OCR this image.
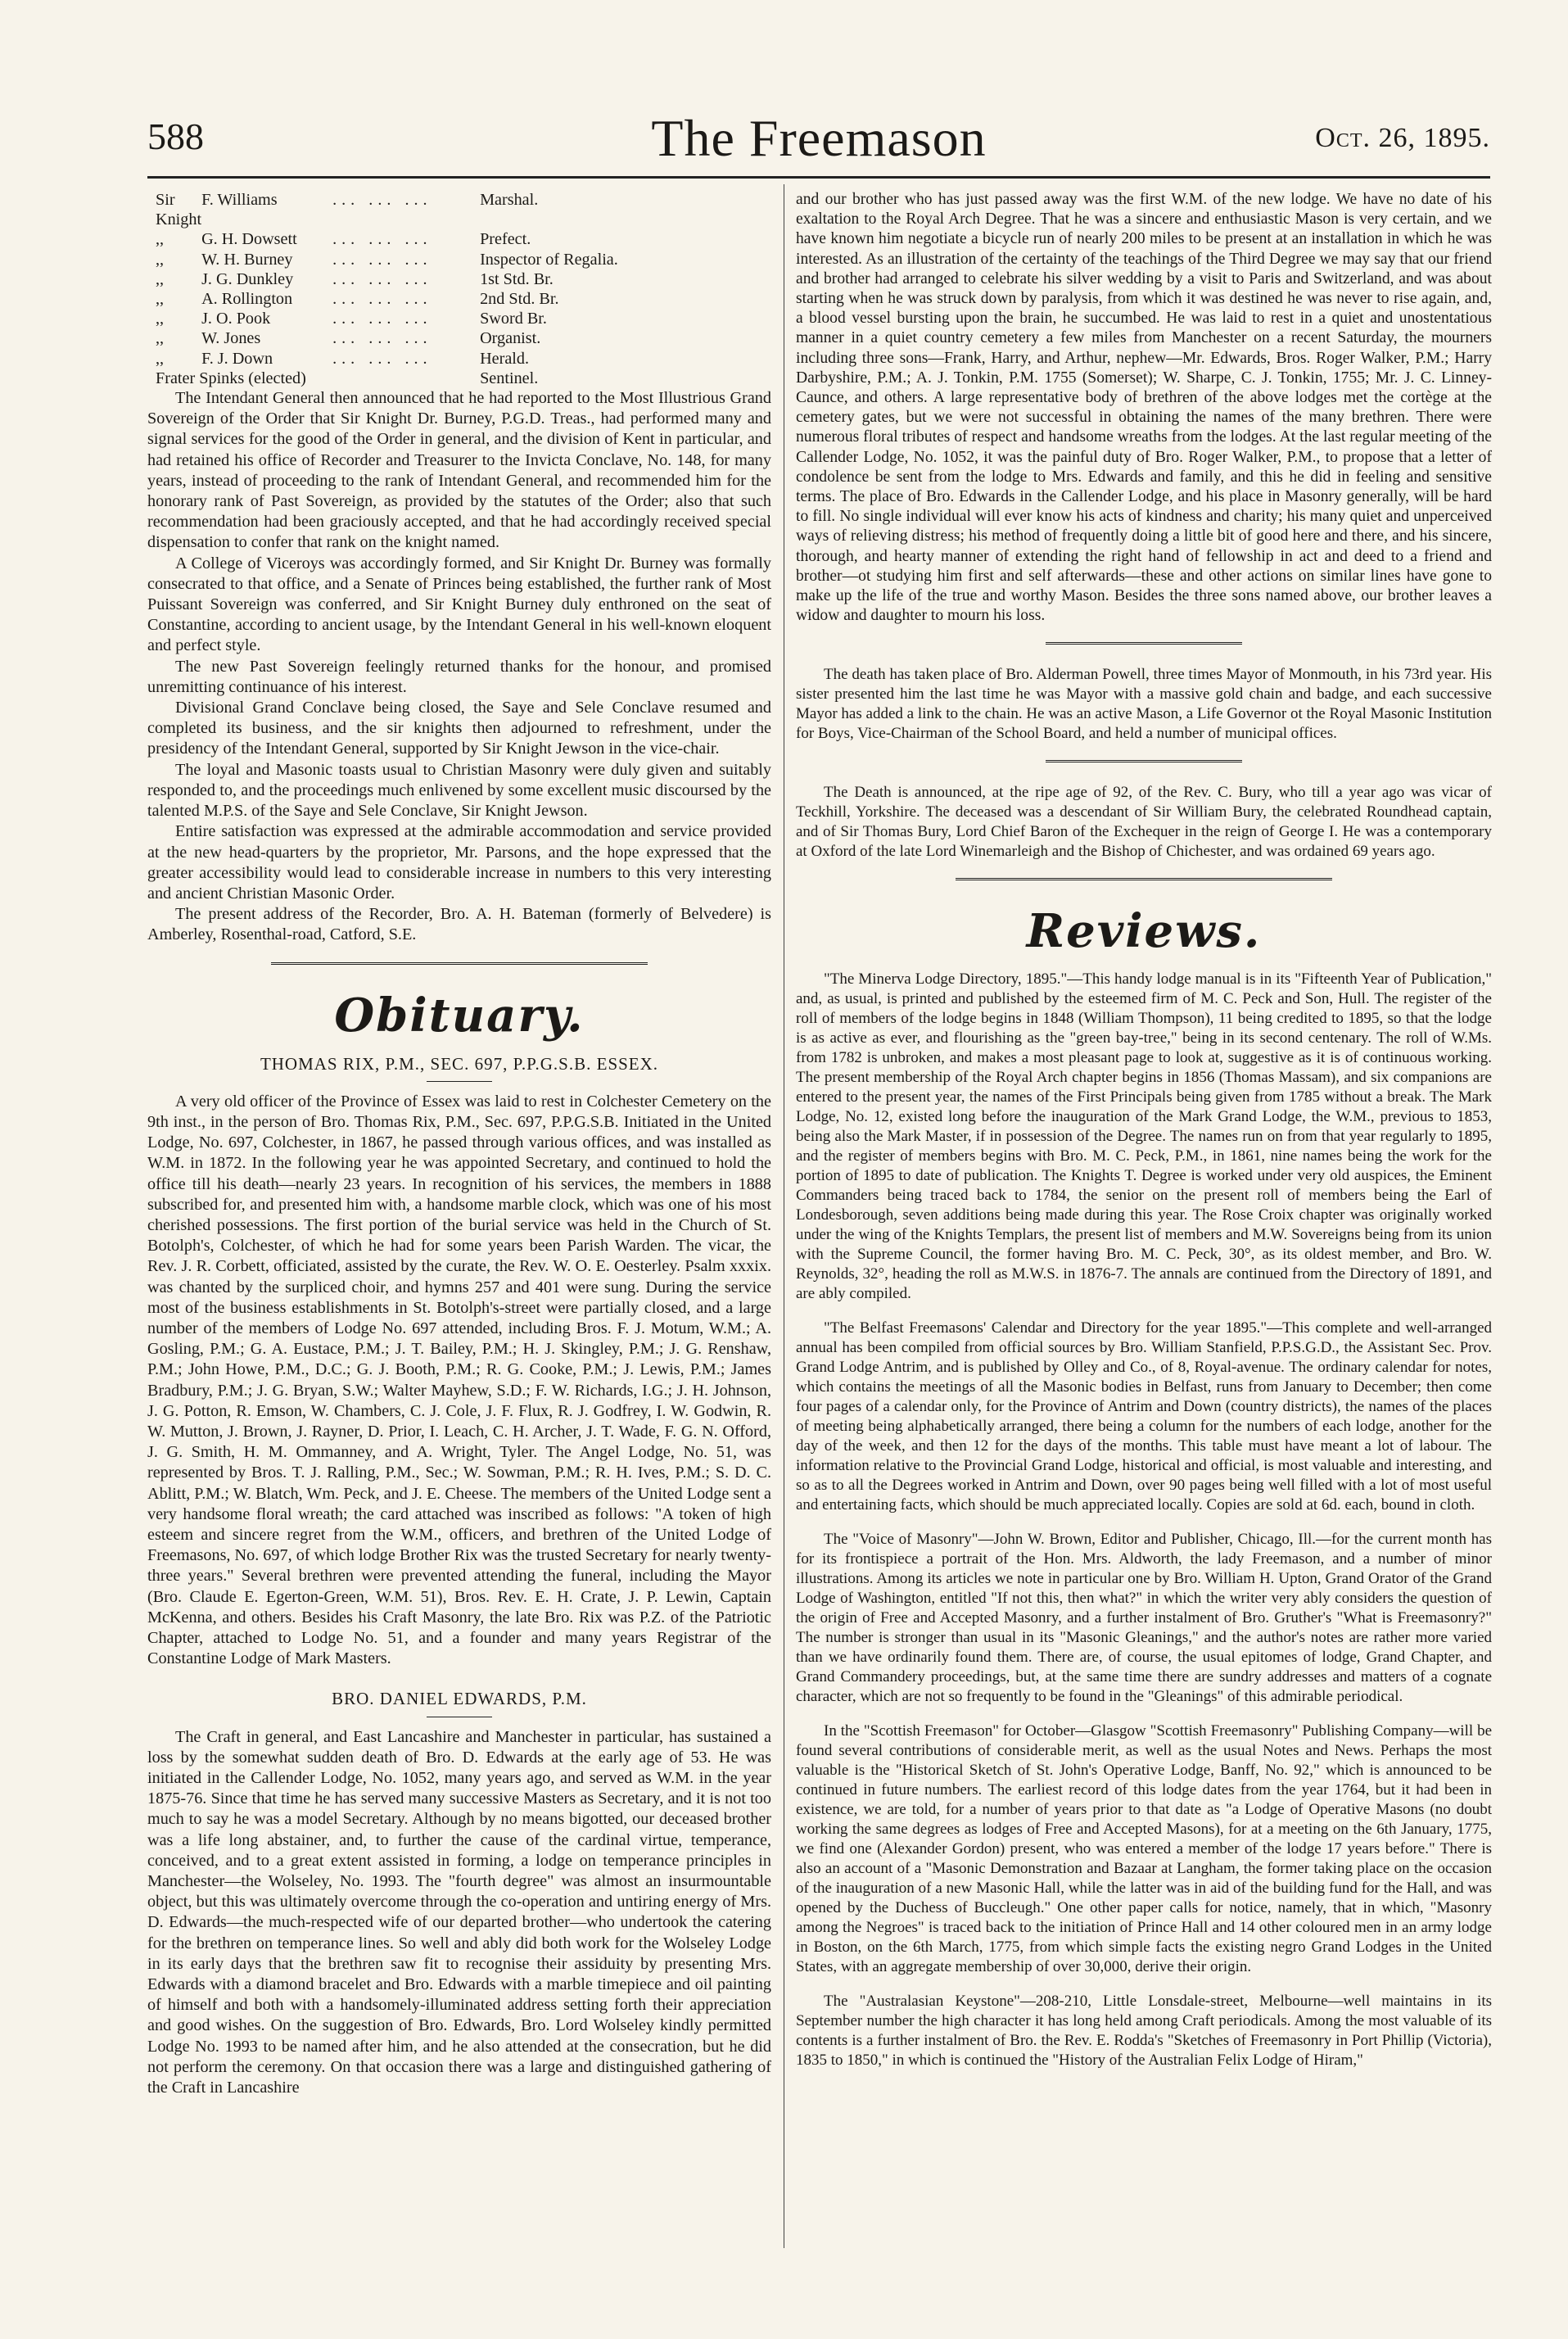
588	The Freemason	Oct. 26, 1895.
Sir Knight	F. Williams	... ... ...	Marshal.
,,	G. H. Dowsett	... ... ...	Prefect.
,,	W. H. Burney	... ... ...	Inspector of Regalia.
,,	J. G. Dunkley	... ... ...	1st Std. Br.
,,	A. Rollington	... ... ...	2nd Std. Br.
,,	J. O. Pook	... ... ...	Sword Br.
,,	W. Jones	... ... ...	Organist.
,,	F. J. Down	... ... ...	Herald.
Frater Spinks (elected)			Sentinel.

The Intendant General then announced that he had reported to the Most Illustrious Grand Sovereign of the Order that Sir Knight Dr. Burney, P.G.D. Treas., had performed many and signal services for the good of the Order in general, and the division of Kent in particular, and had retained his office of Recorder and Treasurer to the Invicta Conclave, No. 148, for many years, instead of proceeding to the rank of Intendant General, and recommended him for the honorary rank of Past Sovereign, as provided by the statutes of the Order; also that such recommendation had been graciously accepted, and that he had accordingly received special dispensation to confer that rank on the knight named.

A College of Viceroys was accordingly formed, and Sir Knight Dr. Burney was formally consecrated to that office, and a Senate of Princes being established, the further rank of Most Puissant Sovereign was conferred, and Sir Knight Burney duly enthroned on the seat of Constantine, according to ancient usage, by the Intendant General in his well-known eloquent and perfect style.

The new Past Sovereign feelingly returned thanks for the honour, and promised unremitting continuance of his interest.

Divisional Grand Conclave being closed, the Saye and Sele Conclave resumed and completed its business, and the sir knights then adjourned to refreshment, under the presidency of the Intendant General, supported by Sir Knight Jewson in the vice-chair.

The loyal and Masonic toasts usual to Christian Masonry were duly given and suitably responded to, and the proceedings much enlivened by some excellent music discoursed by the talented M.P.S. of the Saye and Sele Conclave, Sir Knight Jewson.

Entire satisfaction was expressed at the admirable accommodation and service provided at the new head-quarters by the proprietor, Mr. Parsons, and the hope expressed that the greater accessibility would lead to considerable increase in numbers to this very interesting and ancient Christian Masonic Order.

The present address of the Recorder, Bro. A. H. Bateman (formerly of Belvedere) is Amberley, Rosenthal-road, Catford, S.E.

Obituary.
THOMAS RIX, P.M., SEC. 697, P.P.G.S.B. ESSEX.

A very old officer of the Province of Essex was laid to rest in Colchester Cemetery on the 9th inst., in the person of Bro. Thomas Rix, P.M., Sec. 697, P.P.G.S.B. Initiated in the United Lodge, No. 697, Colchester, in 1867, he passed through various offices, and was installed as W.M. in 1872. In the following year he was appointed Secretary, and continued to hold the office till his death—nearly 23 years. In recognition of his services, the members in 1888 subscribed for, and presented him with, a handsome marble clock, which was one of his most cherished possessions. The first portion of the burial service was held in the Church of St. Botolph's, Colchester, of which he had for some years been Parish Warden. The vicar, the Rev. J. R. Corbett, officiated, assisted by the curate, the Rev. W. O. E. Oesterley. Psalm xxxix. was chanted by the surpliced choir, and hymns 257 and 401 were sung. During the service most of the business establishments in St. Botolph's-street were partially closed, and a large number of the members of Lodge No. 697 attended, including Bros. F. J. Motum, W.M.; A. Gosling, P.M.; G. A. Eustace, P.M.; J. T. Bailey, P.M.; H. J. Skingley, P.M.; J. G. Renshaw, P.M.; John Howe, P.M., D.C.; G. J. Booth, P.M.; R. G. Cooke, P.M.; J. Lewis, P.M.; James Bradbury, P.M.; J. G. Bryan, S.W.; Walter Mayhew, S.D.; F. W. Richards, I.G.; J. H. Johnson, J. G. Potton, R. Emson, W. Chambers, C. J. Cole, J. F. Flux, R. J. Godfrey, I. W. Godwin, R. W. Mutton, J. Brown, J. Rayner, D. Prior, I. Leach, C. H. Archer, J. T. Wade, F. G. N. Offord, J. G. Smith, H. M. Ommanney, and A. Wright, Tyler. The Angel Lodge, No. 51, was represented by Bros. T. J. Ralling, P.M., Sec.; W. Sowman, P.M.; R. H. Ives, P.M.; S. D. C. Ablitt, P.M.; W. Blatch, Wm. Peck, and J. E. Cheese. The members of the United Lodge sent a very handsome floral wreath; the card attached was inscribed as follows: "A token of high esteem and sincere regret from the W.M., officers, and brethren of the United Lodge of Freemasons, No. 697, of which lodge Brother Rix was the trusted Secretary for nearly twenty-three years." Several brethren were prevented attending the funeral, including the Mayor (Bro. Claude E. Egerton-Green, W.M. 51), Bros. Rev. E. H. Crate, J. P. Lewin, Captain McKenna, and others. Besides his Craft Masonry, the late Bro. Rix was P.Z. of the Patriotic Chapter, attached to Lodge No. 51, and a founder and many years Registrar of the Constantine Lodge of Mark Masters.

BRO. DANIEL EDWARDS, P.M.

The Craft in general, and East Lancashire and Manchester in particular, has sustained a loss by the somewhat sudden death of Bro. D. Edwards at the early age of 53. He was initiated in the Callender Lodge, No. 1052, many years ago, and served as W.M. in the year 1875-76. Since that time he has served many successive Masters as Secretary, and it is not too much to say he was a model Secretary. Although by no means bigotted, our deceased brother was a life long abstainer, and, to further the cause of the cardinal virtue, temperance, conceived, and to a great extent assisted in forming, a lodge on temperance principles in Manchester—the Wolseley, No. 1993. The "fourth degree" was almost an insurmountable object, but this was ultimately overcome through the co-operation and untiring energy of Mrs. D. Edwards—the much-respected wife of our departed brother—who undertook the catering for the brethren on temperance lines. So well and ably did both work for the Wolseley Lodge in its early days that the brethren saw fit to recognise their assiduity by presenting Mrs. Edwards with a diamond bracelet and Bro. Edwards with a marble timepiece and oil painting of himself and both with a handsomely-illuminated address setting forth their appreciation and good wishes. On the suggestion of Bro. Edwards, Bro. Lord Wolseley kindly permitted Lodge No. 1993 to be named after him, and he also attended at the consecration, but he did not perform the ceremony. On that occasion there was a large and distinguished gathering of the Craft in Lancashire

and our brother who has just passed away was the first W.M. of the new lodge. We have no date of his exaltation to the Royal Arch Degree. That he was a sincere and enthusiastic Mason is very certain, and we have known him negotiate a bicycle run of nearly 200 miles to be present at an installation in which he was interested. As an illustration of the certainty of the teachings of the Third Degree we may say that our friend and brother had arranged to celebrate his silver wedding by a visit to Paris and Switzerland, and was about starting when he was struck down by paralysis, from which it was destined he was never to rise again, and, a blood vessel bursting upon the brain, he succumbed. He was laid to rest in a quiet and unostentatious manner in a quiet country cemetery a few miles from Manchester on a recent Saturday, the mourners including three sons—Frank, Harry, and Arthur, nephew—Mr. Edwards, Bros. Roger Walker, P.M.; Harry Darbyshire, P.M.; A. J. Tonkin, P.M. 1755 (Somerset); W. Sharpe, C. J. Tonkin, 1755; Mr. J. C. Linney-Caunce, and others. A large representative body of brethren of the above lodges met the cortège at the cemetery gates, but we were not successful in obtaining the names of the many brethren. There were numerous floral tributes of respect and handsome wreaths from the lodges. At the last regular meeting of the Callender Lodge, No. 1052, it was the painful duty of Bro. Roger Walker, P.M., to propose that a letter of condolence be sent from the lodge to Mrs. Edwards and family, and this he did in feeling and sensitive terms. The place of Bro. Edwards in the Callender Lodge, and his place in Masonry generally, will be hard to fill. No single individual will ever know his acts of kindness and charity; his many quiet and unperceived ways of relieving distress; his method of frequently doing a little bit of good here and there, and his sincere, thorough, and hearty manner of extending the right hand of fellowship in act and deed to a friend and brother—ot studying him first and self afterwards—these and other actions on similar lines have gone to make up the life of the true and worthy Mason. Besides the three sons named above, our brother leaves a widow and daughter to mourn his loss.

The death has taken place of Bro. Alderman Powell, three times Mayor of Monmouth, in his 73rd year. His sister presented him the last time he was Mayor with a massive gold chain and badge, and each successive Mayor has added a link to the chain. He was an active Mason, a Life Governor ot the Royal Masonic Institution for Boys, Vice-Chairman of the School Board, and held a number of municipal offices.

The Death is announced, at the ripe age of 92, of the Rev. C. Bury, who till a year ago was vicar of Teckhill, Yorkshire. The deceased was a descendant of Sir William Bury, the celebrated Roundhead captain, and of Sir Thomas Bury, Lord Chief Baron of the Exchequer in the reign of George I. He was a contemporary at Oxford of the late Lord Winemarleigh and the Bishop of Chichester, and was ordained 69 years ago.

Reviews.

"The Minerva Lodge Directory, 1895."—This handy lodge manual is in its "Fifteenth Year of Publication," and, as usual, is printed and published by the esteemed firm of M. C. Peck and Son, Hull. The register of the roll of members of the lodge begins in 1848 (William Thompson), 11 being credited to 1895, so that the lodge is as active as ever, and flourishing as the "green bay-tree," being in its second centenary. The roll of W.Ms. from 1782 is unbroken, and makes a most pleasant page to look at, suggestive as it is of continuous working. The present membership of the Royal Arch chapter begins in 1856 (Thomas Massam), and six companions are entered to the present year, the names of the First Principals being given from 1785 without a break. The Mark Lodge, No. 12, existed long before the inauguration of the Mark Grand Lodge, the W.M., previous to 1853, being also the Mark Master, if in possession of the Degree. The names run on from that year regularly to 1895, and the register of members begins with Bro. M. C. Peck, P.M., in 1861, nine names being the work for the portion of 1895 to date of publication. The Knights T. Degree is worked under very old auspices, the Eminent Commanders being traced back to 1784, the senior on the present roll of members being the Earl of Londesborough, seven additions being made during this year. The Rose Croix chapter was originally worked under the wing of the Knights Templars, the present list of members and M.W. Sovereigns being from its union with the Supreme Council, the former having Bro. M. C. Peck, 30°, as its oldest member, and Bro. W. Reynolds, 32°, heading the roll as M.W.S. in 1876-7. The annals are continued from the Directory of 1891, and are ably compiled.

"The Belfast Freemasons' Calendar and Directory for the year 1895."—This complete and well-arranged annual has been compiled from official sources by Bro. William Stanfield, P.P.S.G.D., the Assistant Sec. Prov. Grand Lodge Antrim, and is published by Olley and Co., of 8, Royal-avenue. The ordinary calendar for notes, which contains the meetings of all the Masonic bodies in Belfast, runs from January to December; then come four pages of a calendar only, for the Province of Antrim and Down (country districts), the names of the places of meeting being alphabetically arranged, there being a column for the numbers of each lodge, another for the day of the week, and then 12 for the days of the months. This table must have meant a lot of labour. The information relative to the Provincial Grand Lodge, historical and official, is most valuable and interesting, and so as to all the Degrees worked in Antrim and Down, over 90 pages being well filled with a lot of most useful and entertaining facts, which should be much appreciated locally. Copies are sold at 6d. each, bound in cloth.

The "Voice of Masonry"—John W. Brown, Editor and Publisher, Chicago, Ill.—for the current month has for its frontispiece a portrait of the Hon. Mrs. Aldworth, the lady Freemason, and a number of minor illustrations. Among its articles we note in particular one by Bro. William H. Upton, Grand Orator of the Grand Lodge of Washington, entitled "If not this, then what?" in which the writer very ably considers the question of the origin of Free and Accepted Masonry, and a further instalment of Bro. Gruther's "What is Freemasonry?" The number is stronger than usual in its "Masonic Gleanings," and the author's notes are rather more varied than we have ordinarily found them. There are, of course, the usual epitomes of lodge, Grand Chapter, and Grand Commandery proceedings, but, at the same time there are sundry addresses and matters of a cognate character, which are not so frequently to be found in the "Gleanings" of this admirable periodical.

In the "Scottish Freemason" for October—Glasgow "Scottish Freemasonry" Publishing Company—will be found several contributions of considerable merit, as well as the usual Notes and News. Perhaps the most valuable is the "Historical Sketch of St. John's Operative Lodge, Banff, No. 92," which is announced to be continued in future numbers. The earliest record of this lodge dates from the year 1764, but it had been in existence, we are told, for a number of years prior to that date as "a Lodge of Operative Masons (no doubt working the same degrees as lodges of Free and Accepted Masons), for at a meeting on the 6th January, 1775, we find one (Alexander Gordon) present, who was entered a member of the lodge 17 years before." There is also an account of a "Masonic Demonstration and Bazaar at Langham, the former taking place on the occasion of the inauguration of a new Masonic Hall, while the latter was in aid of the building fund for the Hall, and was opened by the Duchess of Buccleugh." One other paper calls for notice, namely, that in which, "Masonry among the Negroes" is traced back to the initiation of Prince Hall and 14 other coloured men in an army lodge in Boston, on the 6th March, 1775, from which simple facts the existing negro Grand Lodges in the United States, with an aggregate membership of over 30,000, derive their origin.

The "Australasian Keystone"—208-210, Little Lonsdale-street, Melbourne—well maintains in its September number the high character it has long held among Craft periodicals. Among the most valuable of its contents is a further instalment of Bro. the Rev. E. Rodda's "Sketches of Freemasonry in Port Phillip (Victoria), 1835 to 1850," in which is continued the "History of the Australian Felix Lodge of Hiram,"
